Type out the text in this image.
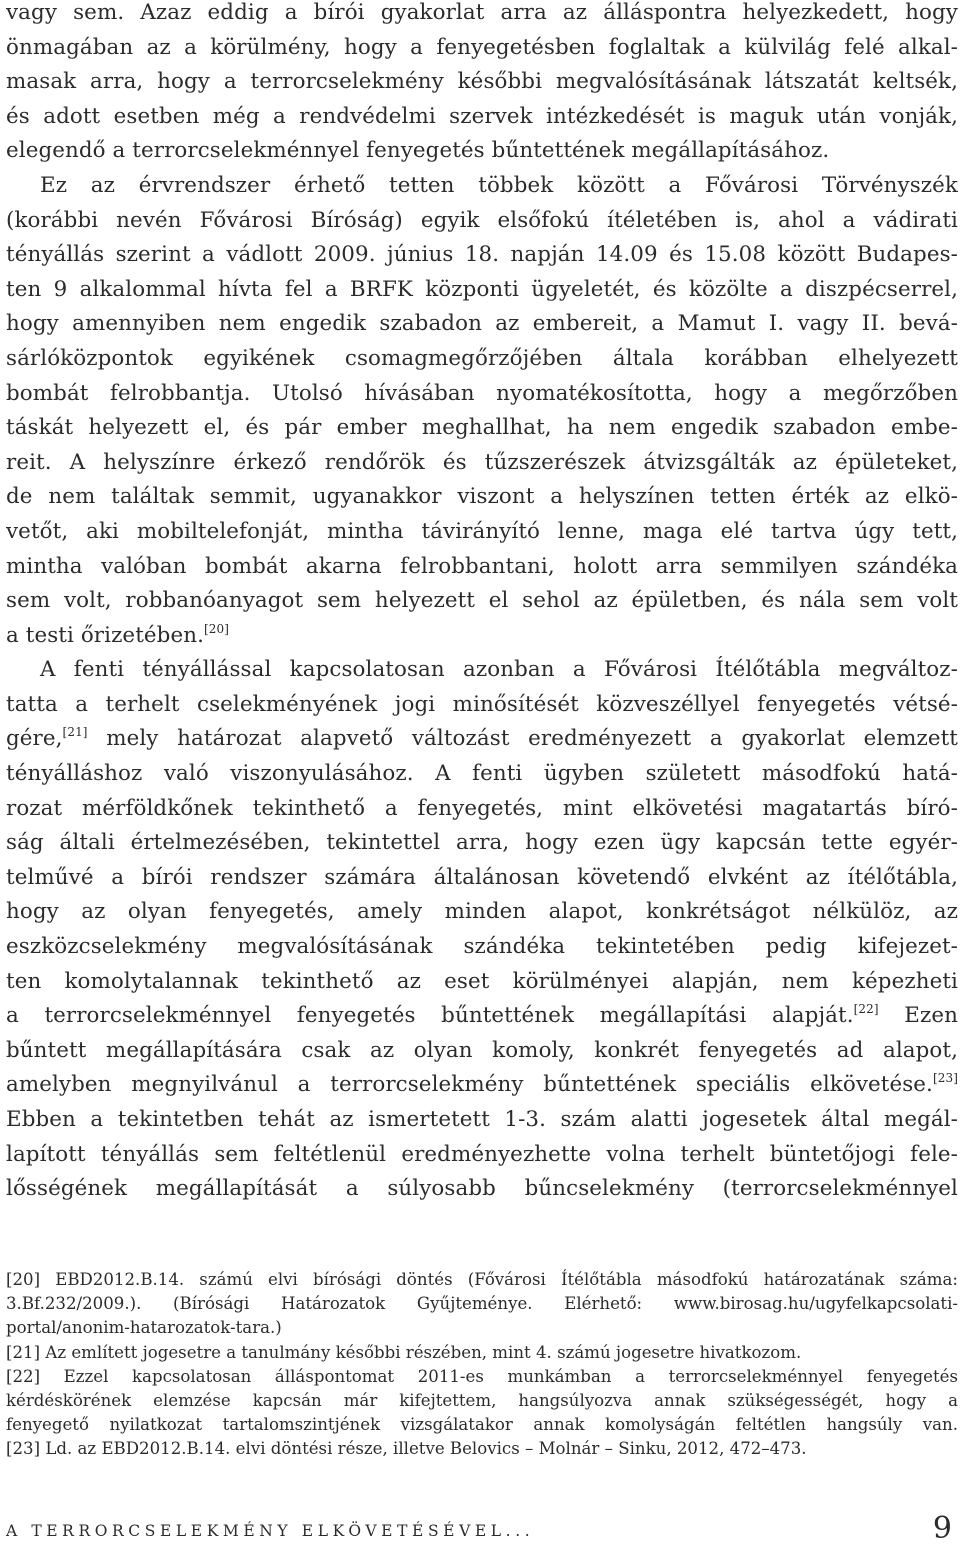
vagy sem. Azaz eddig a bírói gyakorlat arra az álláspontra helyezkedett, hogy
önmagában az a körülmény, hogy a fenyegetésben foglaltak a külvilág felé alkal-
masak arra, hogy a terrorcselekmény későbbi megvalósításának látszatát keltsék,
és adott esetben még a rendvédelmi szervek intézkedését is maguk után vonják,
elegendő a terrorcselekménnyel fenyegetés bűntettének megállapításához.
Ez az érvrendszer érhető tetten többek között a Fővárosi Törvényszék
(korábbi nevén Fővárosi Bíróság) egyik elsőfokú ítéletében is, ahol a vádirati
tényállás szerint a vádlott 2009. június 18. napján 14.09 és 15.08 között Budapes-
ten 9 alkalommal hívta fel a BRFK központi ügyeletét, és közölte a diszpécserrel,
hogy amennyiben nem engedik szabadon az embereit, a Mamut I. vagy II. bevá-
sárlóközpontok egyikének csomagmegőrzőjében általa korábban elhelyezett
bombát felrobbantja. Utolsó hívásában nyomatékosította, hogy a megőrzőben
táskát helyezett el, és pár ember meghallhat, ha nem engedik szabadon embe-
reit. A helyszínre érkező rendőrök és tűzszerészek átvizsgálták az épületeket,
de nem találtak semmit, ugyanakkor viszont a helyszínen tetten érték az elkö-
vetőt, aki mobiltelefonját, mintha távirányító lenne, maga elé tartva úgy tett,
mintha valóban bombát akarna felrobbantani, holott arra semmilyen szándéka
sem volt, robbanóanyagot sem helyezett el sehol az épületben, és nála sem volt
a testi őrizetében.[20]
A fenti tényállással kapcsolatosan azonban a Fővárosi Ítélőtábla megváltoz-
tatta a terhelt cselekményének jogi minősítését közveszéllyel fenyegetés vétsé-
gére,[21] mely határozat alapvető változást eredményezett a gyakorlat elemzett
tényálláshoz való viszonyulásához. A fenti ügyben született másodfokú hatá-
rozat mérföldkőnek tekinthető a fenyegetés, mint elkövetési magatartás bíró-
ság általi értelmezésében, tekintettel arra, hogy ezen ügy kapcsán tette egyér-
telművé a bírói rendszer számára általánosan követendő elvként az ítélőtábla,
hogy az olyan fenyegetés, amely minden alapot, konkrétságot nélkülöz, az
eszközcselekmény megvalósításának szándéka tekintetében pedig kifejezet-
ten komolytalannak tekinthető az eset körülményei alapján, nem képezheti
a terrorcselekménnyel fenyegetés bűntettének megállapítási alapját.[22] Ezen
bűntett megállapítására csak az olyan komoly, konkrét fenyegetés ad alapot,
amelyben megnyilvánul a terrorcselekmény bűntettének speciális elkövetése.[23]
Ebben a tekintetben tehát az ismertetett 1-3. szám alatti jogesetek által megál-
lapított tényállás sem feltétlenül eredményezhette volna terhelt büntetőjogi fele-
lősségének megállapítását a súlyosabb bűncselekmény (terrorcselekménnyel
[20] EBD2012.B.14. számú elvi bírósági döntés (Fővárosi Ítélőtábla másodfokú határozatának száma:
3.Bf.232/2009.). (Bírósági Határozatok Gyűjteménye. Elérhető: www.birosag.hu/ugyfelkapcsolati-
portal/anonim-hatarozatok-tara.)
[21] Az említett jogesetre a tanulmány későbbi részében, mint 4. számú jogesetre hivatkozom.
[22] Ezzel kapcsolatosan álláspontomat 2011-es munkámban a terrorcselekménnyel fenyegetés
kérdéskörének elemzése kapcsán már kifejtettem, hangsúlyozva annak szükségességét, hogy a
fenyegető nyilatkozat tartalomszintjének vizsgálatakor annak komolyságán feltétlen hangsúly van.
[23] Ld. az EBD2012.B.14. elvi döntési része, illetve Belovics – Molnár – Sinku, 2012, 472–473.
A TERRORCSELEKMÉNY ELKÖVETÉSÉVEL...	9
